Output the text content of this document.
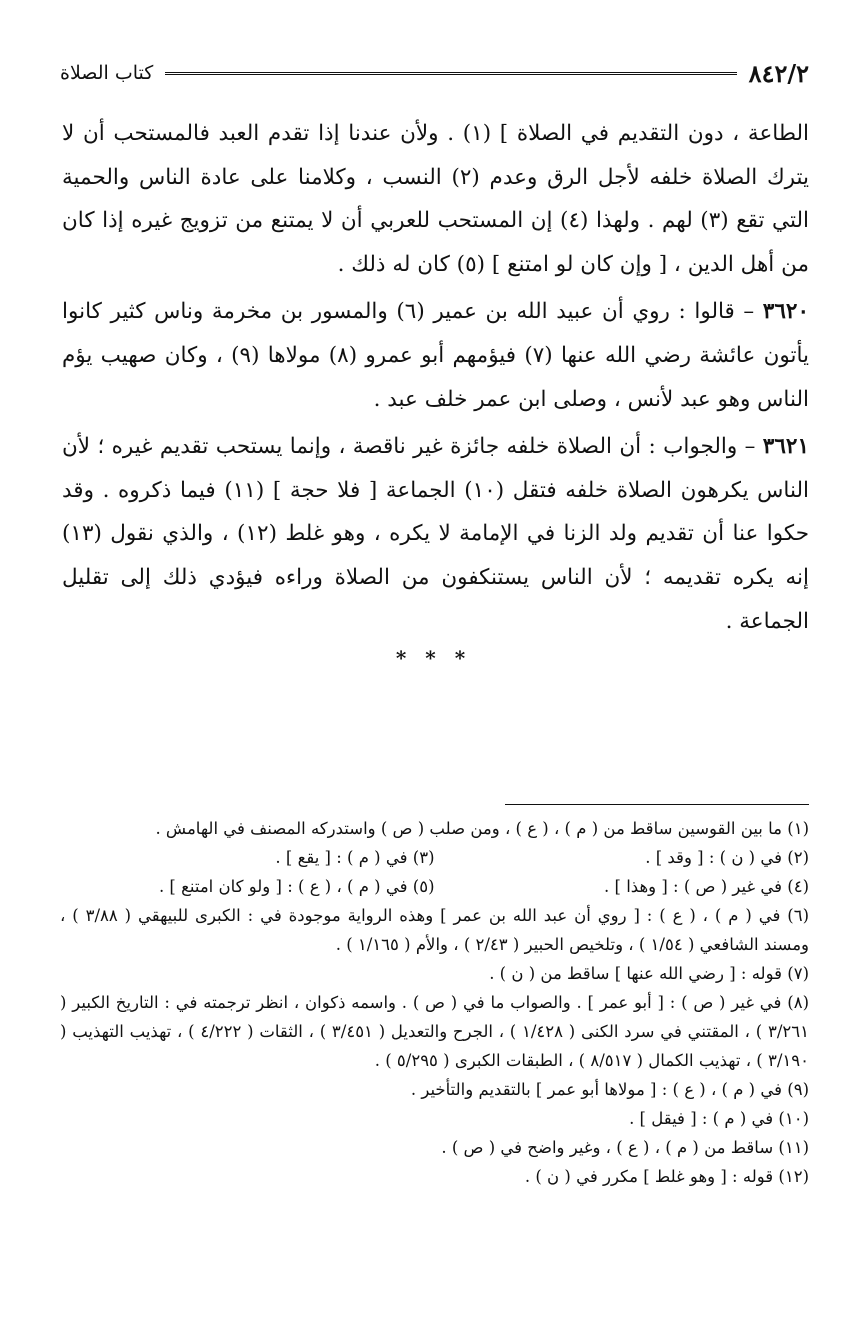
٨٤٢/٢
كتاب الصلاة

الطاعة ، دون التقديم في الصلاة ] (١) . ولأن عندنا إذا تقدم العبد فالمستحب أن لا يترك الصلاة خلفه لأجل الرق وعدم (٢) النسب ، وكلامنا على عادة الناس والحمية التي تقع (٣) لهم . ولهذا (٤) إن المستحب للعربي أن لا يمتنع من تزويج غيره إذا كان من أهل الدين ، [ وإن كان لو امتنع ] (٥) كان له ذلك .

٣٦٢٠ – قالوا : روي أن عبيد الله بن عمير (٦) والمسور بن مخرمة وناس كثير كانوا يأتون عائشة رضي الله عنها (٧) فيؤمهم أبو عمرو (٨) مولاها (٩) ، وكان صهيب يؤم الناس وهو عبد لأنس ، وصلى ابن عمر خلف عبد .

٣٦٢١ – والجواب : أن الصلاة خلفه جائزة غير ناقصة ، وإنما يستحب تقديم غيره ؛ لأن الناس يكرهون الصلاة خلفه فتقل (١٠) الجماعة [ فلا حجة ] (١١) فيما ذكروه . وقد حكوا عنا أن تقديم ولد الزنا في الإمامة لا يكره ، وهو غلط (١٢) ، والذي نقول (١٣) إنه يكره تقديمه ؛ لأن الناس يستنكفون من الصلاة وراءه فيؤدي ذلك إلى تقليل الجماعة .

* * *

(١) ما بين القوسين ساقط من ( م ) ، ( ع ) ، ومن صلب ( ص ) واستدركه المصنف في الهامش .

(٢) في ( ن ) : [ وقد ] .

(٣) في ( م ) : [ يقع ] .

(٤) في غير ( ص ) : [ وهذا ] .

(٥) في ( م ) ، ( ع ) : [ ولو كان امتنع ] .

(٦) في ( م ) ، ( ع ) : [ روي أن عبد الله بن عمر ] وهذه الرواية موجودة في : الكبرى للبيهقي ( ٣/٨٨ ) ، ومسند الشافعي ( ١/٥٤ ) ، وتلخيص الحبير ( ٢/٤٣ ) ، والأم ( ١/١٦٥ ) .

(٧) قوله : [ رضي الله عنها ] ساقط من ( ن ) .

(٨) في غير ( ص ) : [ أبو عمر ] . والصواب ما في ( ص ) . واسمه ذكوان ، انظر ترجمته في : التاريخ الكبير ( ٣/٢٦١ ) ، المقتني في سرد الكنى ( ١/٤٢٨ ) ، الجرح والتعديل ( ٣/٤٥١ ) ، الثقات ( ٤/٢٢٢ ) ، تهذيب التهذيب ( ٣/١٩٠ ) ، تهذيب الكمال ( ٨/٥١٧ ) ، الطبقات الكبرى ( ٥/٢٩٥ ) .

(٩) في ( م ) ، ( ع ) : [ مولاها أبو عمر ] بالتقديم والتأخير .

(١٠) في ( م ) : [ فيقل ] .

(١١) ساقط من ( م ) ، ( ع ) ، وغير واضح في ( ص ) .

(١٢) قوله : [ وهو غلط ] مكرر في ( ن ) .
